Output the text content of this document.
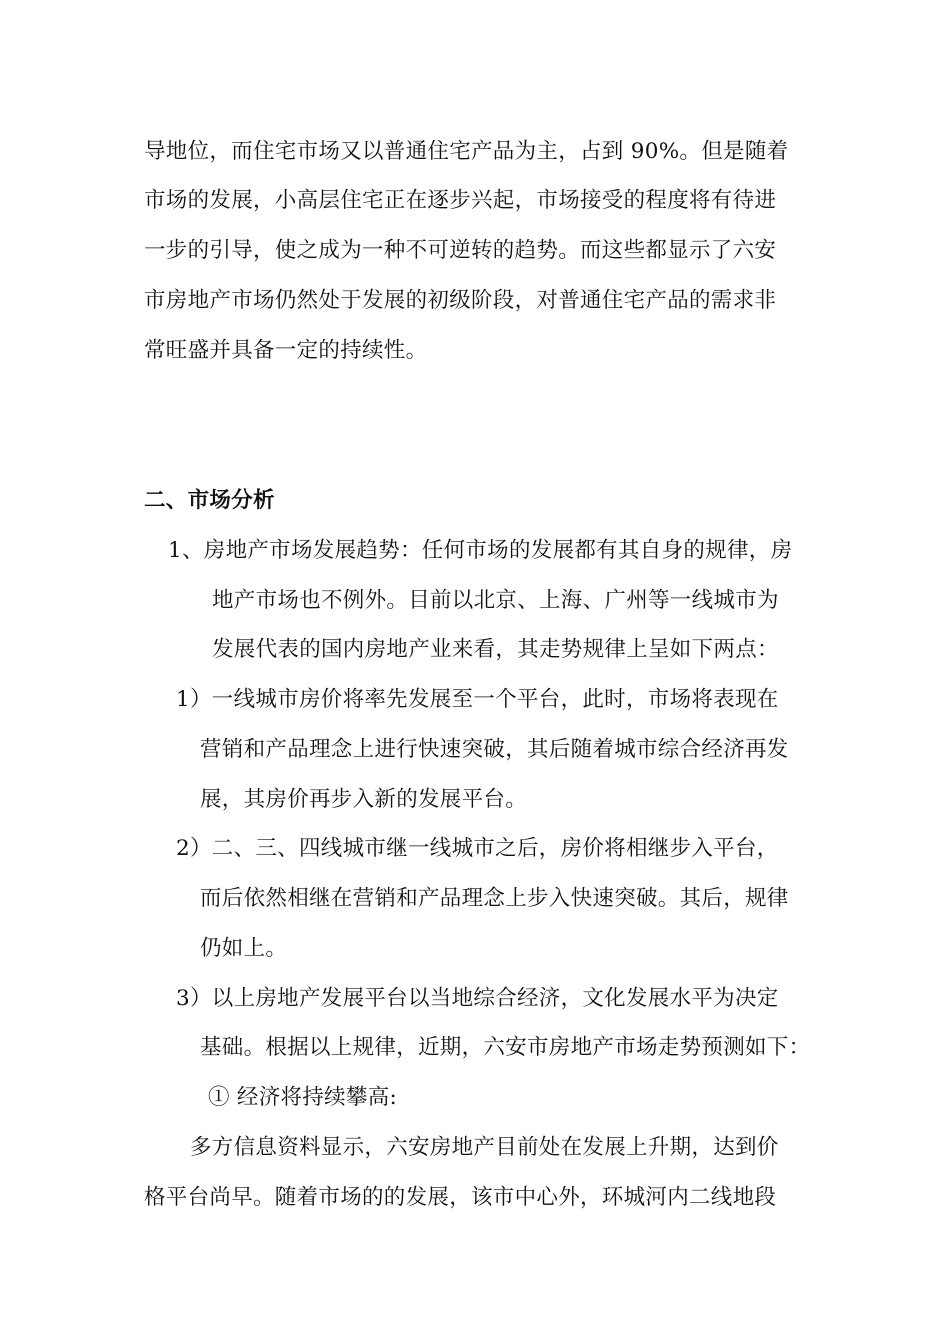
导地位，而住宅市场又以普通住宅产品为主，占到 90%。但是随着
市场的发展，小高层住宅正在逐步兴起，市场接受的程度将有待进
一步的引导，使之成为一种不可逆转的趋势。而这些都显示了六安
市房地产市场仍然处于发展的初级阶段，对普通住宅产品的需求非
常旺盛并具备一定的持续性。
二、市场分析
1、房地产市场发展趋势：任何市场的发展都有其自身的规律，房
地产市场也不例外。目前以北京、上海、广州等一线城市为
发展代表的国内房地产业来看，其走势规律上呈如下两点：
1）一线城市房价将率先发展至一个平台，此时，市场将表现在
营销和产品理念上进行快速突破，其后随着城市综合经济再发
展，其房价再步入新的发展平台。
2）二、三、四线城市继一线城市之后，房价将相继步入平台，
而后依然相继在营销和产品理念上步入快速突破。其后，规律
仍如上。
3）以上房地产发展平台以当地综合经济，文化发展水平为决定
基础。根据以上规律，近期，六安市房地产市场走势预测如下：
① 经济将持续攀高:
多方信息资料显示，六安房地产目前处在发展上升期，达到价
格平台尚早。随着市场的的发展，该市中心外，环城河内二线地段
